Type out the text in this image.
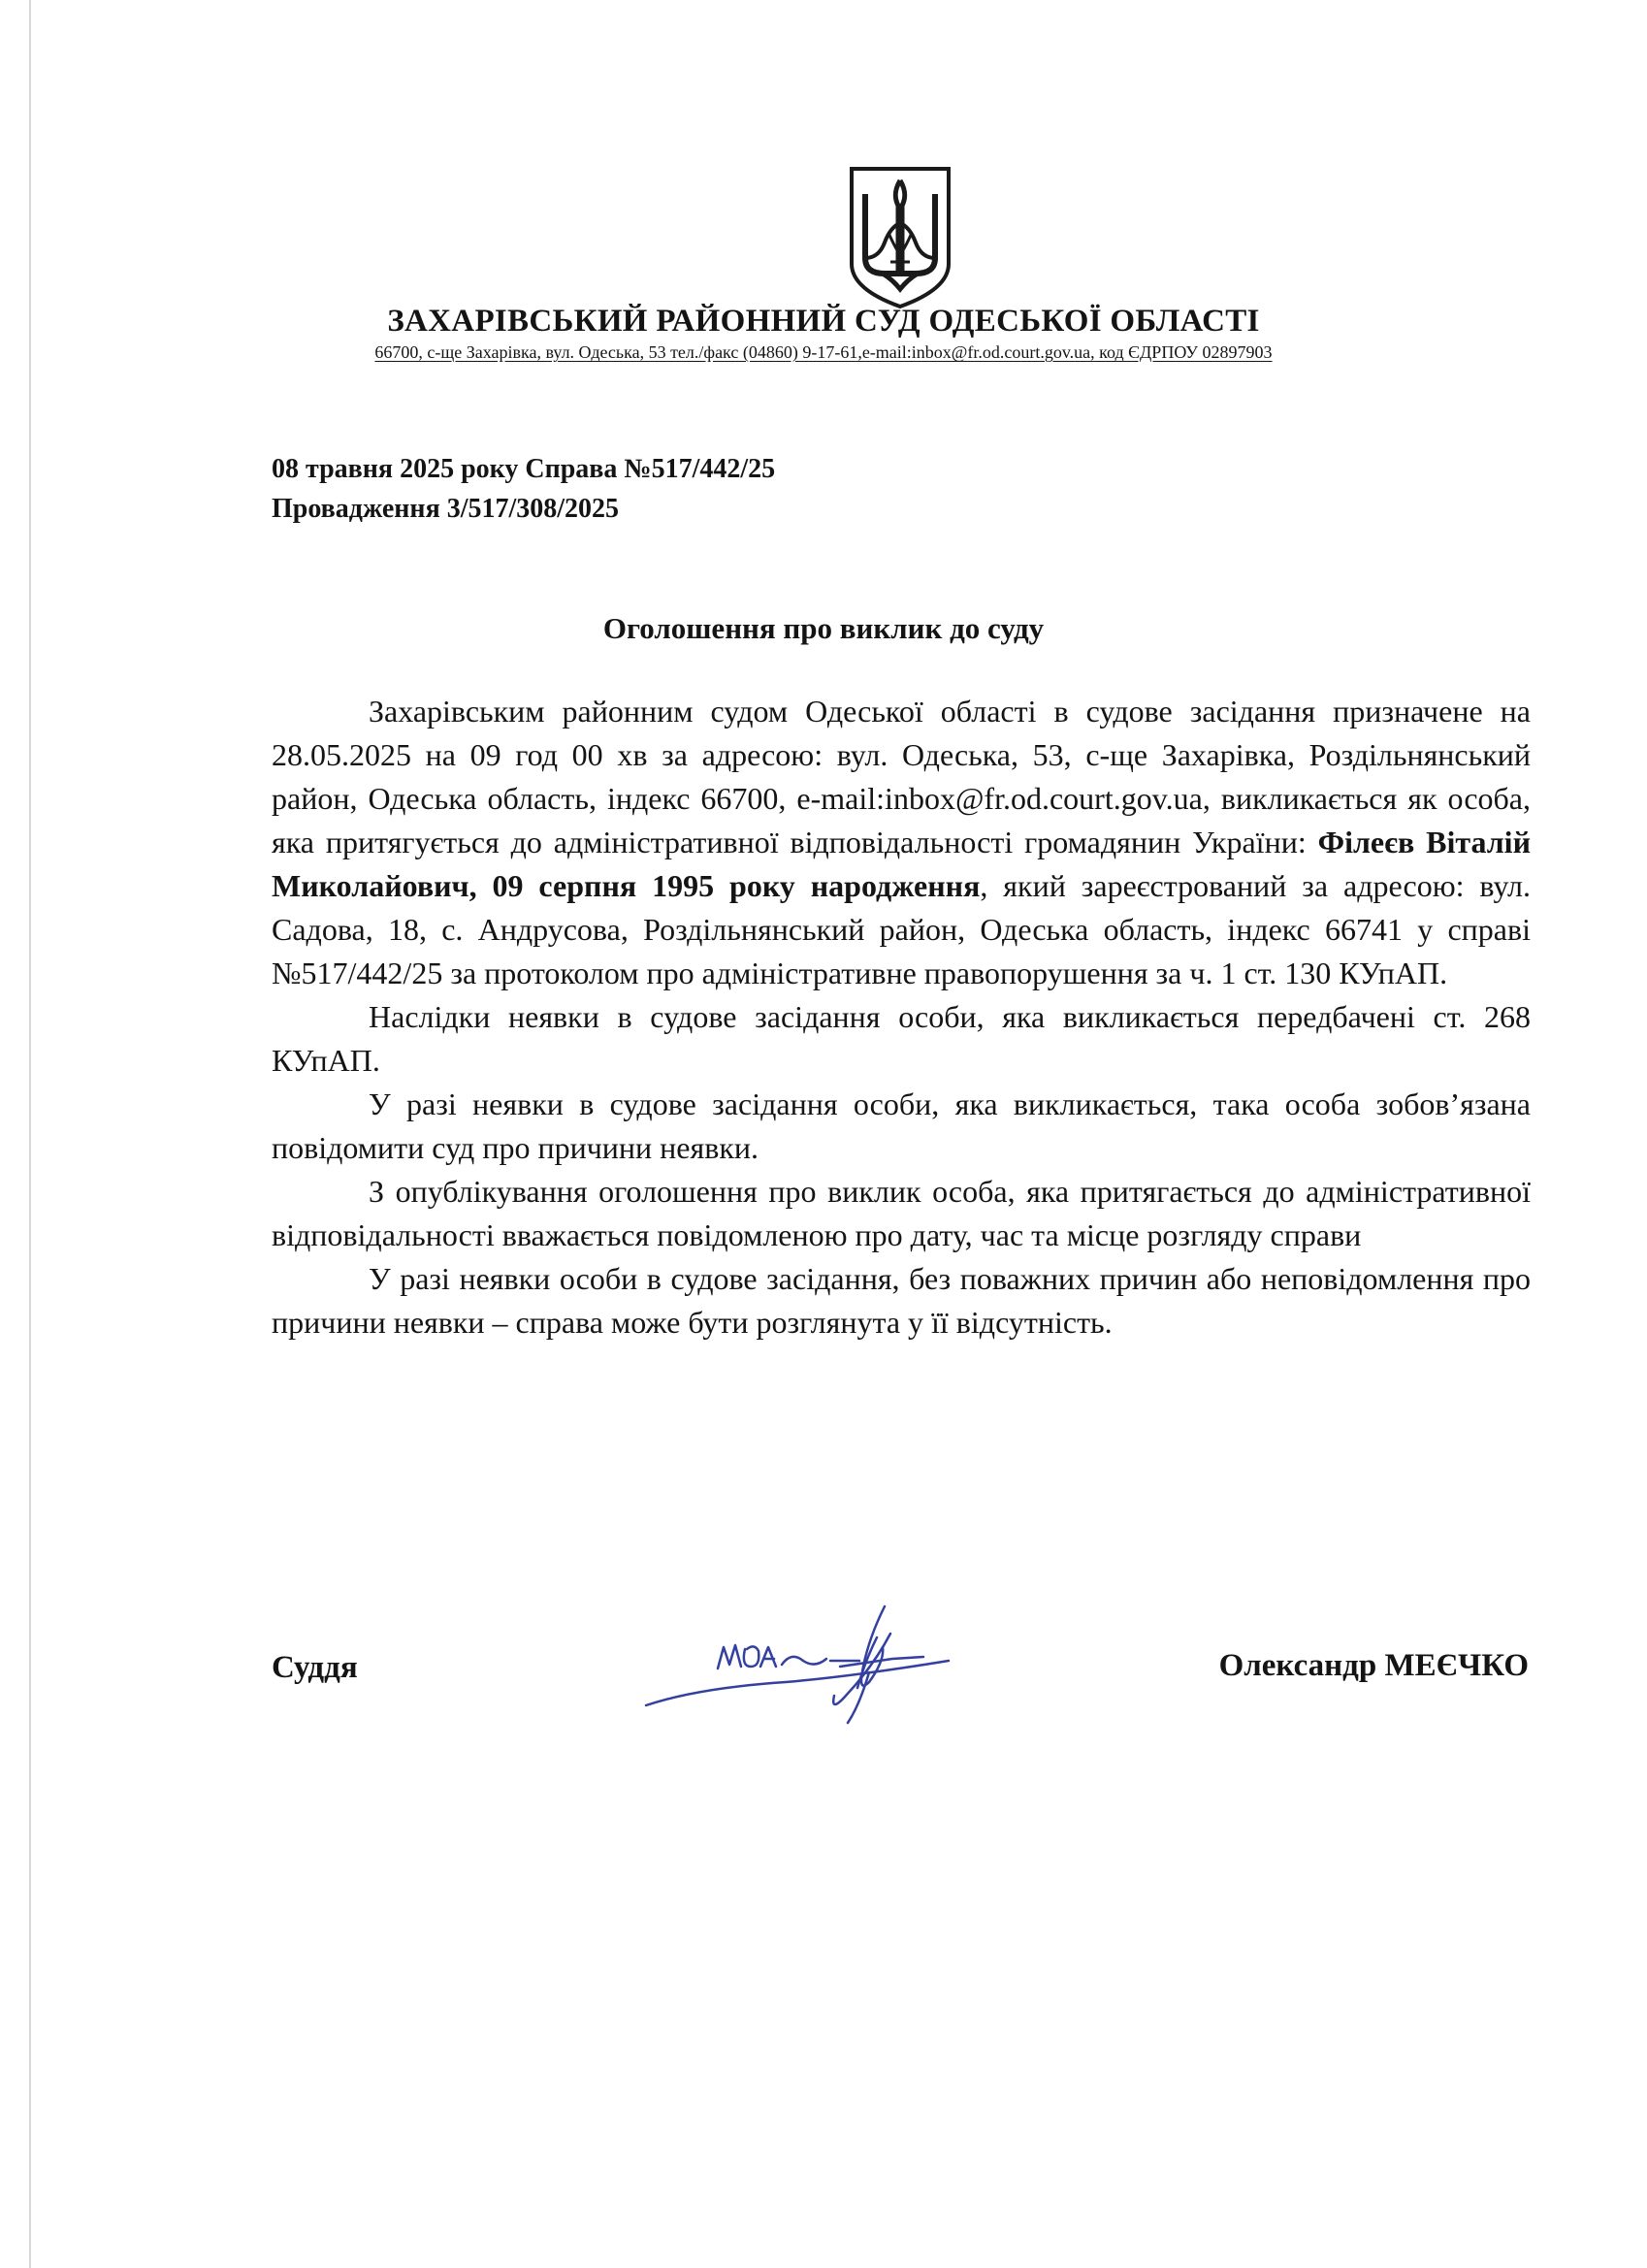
ЗАХАРІВСЬКИЙ РАЙОННИЙ СУД ОДЕСЬКОЇ ОБЛАСТІ
66700, с-ще Захарівка, вул. Одеська, 53 тел./факс (04860) 9-17-61,e-mail:inbox@fr.od.court.gov.ua, код ЄДРПОУ 02897903
08 травня 2025 року Справа №517/442/25
Провадження 3/517/308/2025
Оголошення про виклик до суду

Захарівським районним судом Одеської області в судове засідання призначене на 28.05.2025 на 09 год 00 хв за адресою: вул. Одеська, 53, с-ще Захарівка, Роздільнянський район, Одеська область, індекс 66700, e-mail:inbox@fr.od.court.gov.ua, викликається як особа, яка притягується до адміністративної відповідальності громадянин України: Філеєв Віталій Миколайович, 09 серпня 1995 року народження, який зареєстрований за адресою: вул. Садова, 18, с. Андрусова, Роздільнянський район, Одеська область, індекс 66741 у справі №517/442/25 за протоколом про адміністративне правопорушення за ч. 1 ст. 130 КУпАП.

Наслідки неявки в судове засідання особи, яка викликається передбачені ст. 268 КУпАП.

У разі неявки в судове засідання особи, яка викликається, така особа зобов’язана повідомити суд про причини неявки.

З опублікування оголошення про виклик особа, яка притягається до адміністративної відповідальності вважається повідомленою про дату, час та місце розгляду справи

У разі неявки особи в судове засідання, без поважних причин або неповідомлення про причини неявки – справа може бути розглянута у її відсутність.

Суддя	Олександр МЕЄЧКО
